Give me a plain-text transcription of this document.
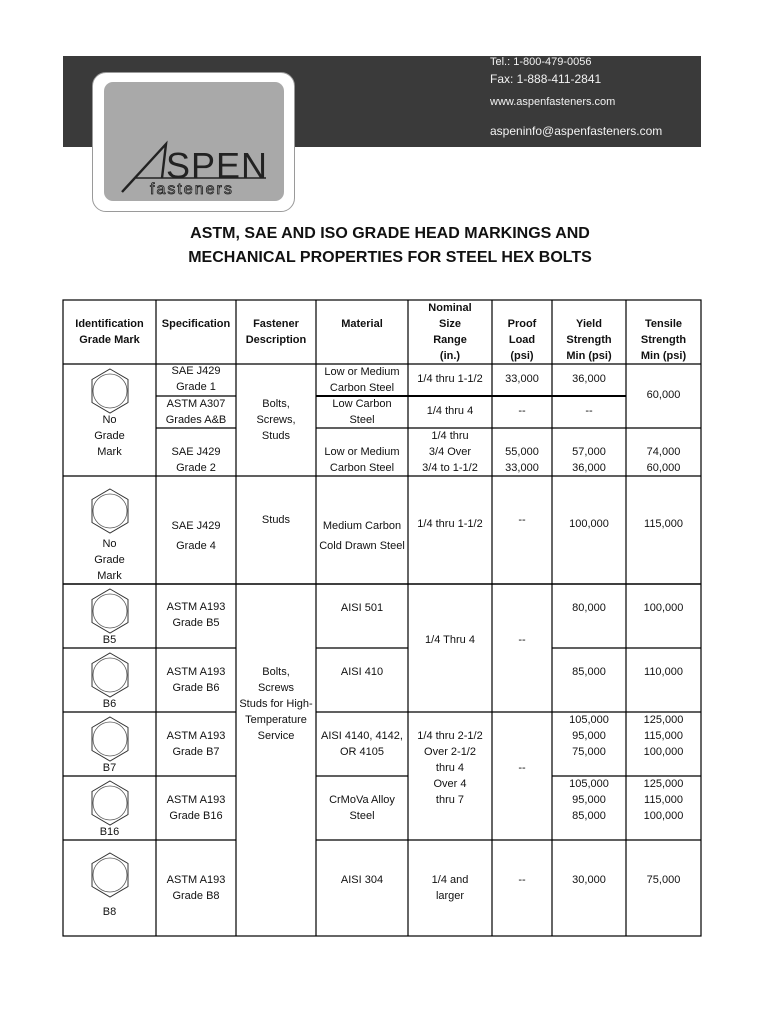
Tel.: 1-800-479-0056
Fax: 1-888-411-2841
www.aspenfasteners.com
aspeninfo@aspenfasteners.com
SPEN
fasteners
ASTM, SAE AND ISO GRADE HEAD MARKINGS AND
MECHANICAL PROPERTIES FOR STEEL HEX BOLTS
Identification
Grade Mark
Specification	Fastener
Description
Material
Nominal
Size
Range
(in.)
Proof
Load
(psi)
Yield
Strength
Min (psi)
Tensile
Strength
Min (psi)
No
Grade
Mark
No
Grade
Mark
B5
B6
B7
B16
B8
SAE J429
Grade 1
ASTM A307
Grades A&B
SAE J429
Grade 2
SAE J429
Grade 4
ASTM A193
Grade B5
ASTM A193
Grade B6
ASTM A193
Grade B7
ASTM A193
Grade B16
ASTM A193
Grade B8
Bolts,
Screws,
Studs
Studs
Bolts,
Screws
Studs for High-
Temperature
Service
Low or Medium
Carbon Steel
Low Carbon
Steel
Low or Medium
Carbon Steel
Medium Carbon
Cold Drawn Steel
AISI 501
AISI 410
AISI 4140, 4142,
OR 4105
CrMoVa Alloy
Steel
AISI 304
1/4 thru 1-1/2
1/4 thru 4
1/4 thru
3/4 Over
3/4 to 1-1/2
1/4 thru 1-1/2
1/4 Thru 4
1/4 thru 2-1/2
Over 2-1/2
thru 4
Over 4
thru 7
1/4 and
larger
33,000
--
55,000
33,000
--
--
--
--
36,000
--
57,000
36,000
100,000
80,000
85,000
105,000
95,000
75,000
105,000
95,000
85,000
30,000
60,000
74,000
60,000
115,000
100,000
110,000
125,000
115,000
100,000
125,000
115,000
100,000
75,000
